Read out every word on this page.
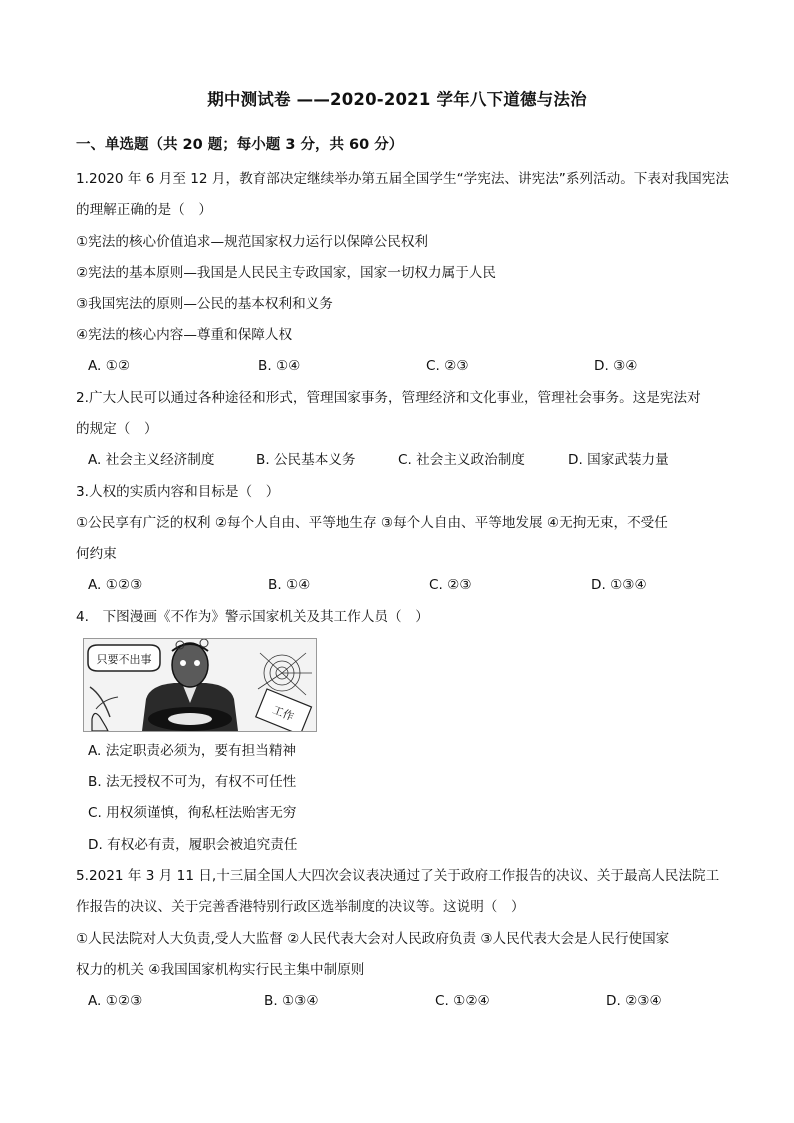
期中测试卷 ——2020-2021 学年八下道德与法治
一、单选题（共 20 题；每小题 3 分，共 60 分）
1.2020 年 6 月至 12 月，教育部决定继续举办第五届全国学生“学宪法、讲宪法”系列活动。下表对我国宪法
的理解正确的是（　）
①宪法的核心价值追求—规范国家权力运行以保障公民权利
②宪法的基本原则—我国是人民民主专政国家，国家一切权力属于人民
③我国宪法的原则—公民的基本权利和义务
④宪法的核心内容—尊重和保障人权
A. ①②	B. ①④	C. ②③	D. ③④
2.广大人民可以通过各种途径和形式，管理国家事务，管理经济和文化事业，管理社会事务。这是宪法对
的规定（　）
A. 社会主义经济制度	B. 公民基本义务	C. 社会主义政治制度	D. 国家武装力量
3.人权的实质内容和目标是（　）
①公民享有广泛的权利 ②每个人自由、平等地生存 ③每个人自由、平等地发展 ④无拘无束，不受任
何约束
A. ①②③	B. ①④	C. ②③	D. ①③④
4.　下图漫画《不作为》警示国家机关及其工作人员（　）
只要不出事
工作
A. 法定职责必须为，要有担当精神
B. 法无授权不可为，有权不可任性
C. 用权须谨慎，徇私枉法贻害无穷
D. 有权必有责，履职会被追究责任
5.2021 年 3 月 11 日,十三届全国人大四次会议表决通过了关于政府工作报告的决议、关于最高人民法院工
作报告的决议、关于完善香港特别行政区选举制度的决议等。这说明（　）
①人民法院对人大负责,受人大监督 ②人民代表大会对人民政府负责 ③人民代表大会是人民行使国家
权力的机关 ④我国国家机构实行民主集中制原则
A. ①②③	B. ①③④	C. ①②④	D. ②③④
